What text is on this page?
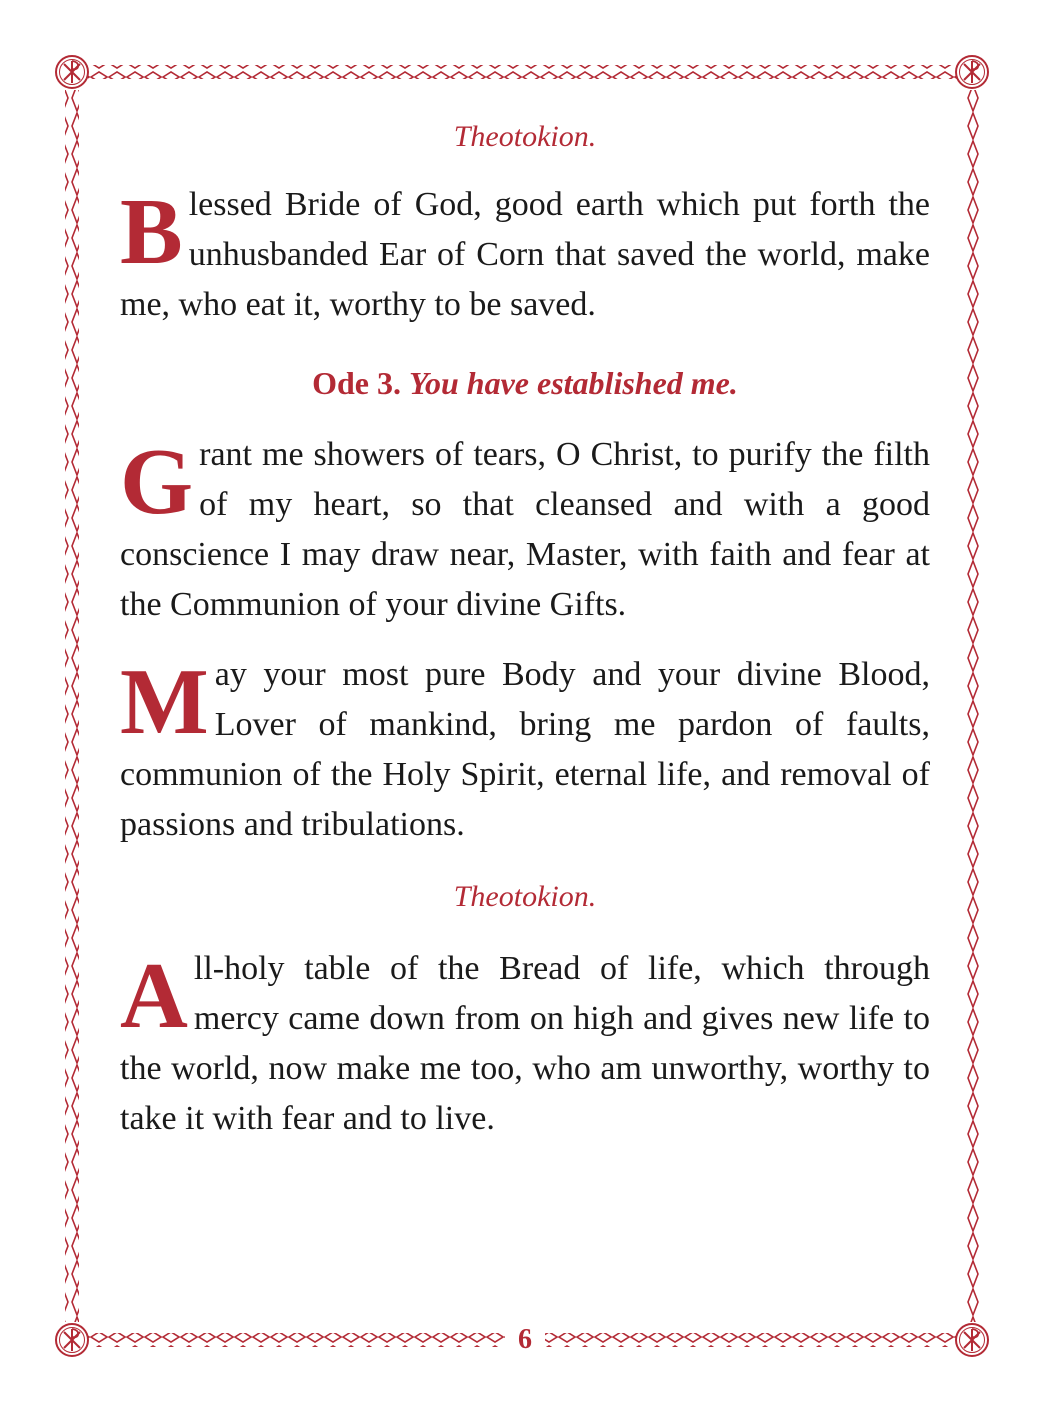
6

Theotokion.

Blessed Bride of God, good earth which put forth the unhusbanded Ear of Corn that saved the world, make me, who eat it, worthy to be saved.

Ode 3. You have established me.

Grant me showers of tears, O Christ, to purify the filth of my heart, so that cleansed and with a good conscience I may draw near, Master, with faith and fear at the Communion of your divine Gifts.

May your most pure Body and your divine Blood, Lover of mankind, bring me pardon of faults, communion of the Holy Spirit, eternal life, and removal of passions and tribulations.

Theotokion.

All-holy table of the Bread of life, which through mercy came down from on high and gives new life to the world, now make me too, who am unworthy, worthy to take it with fear and to live.
